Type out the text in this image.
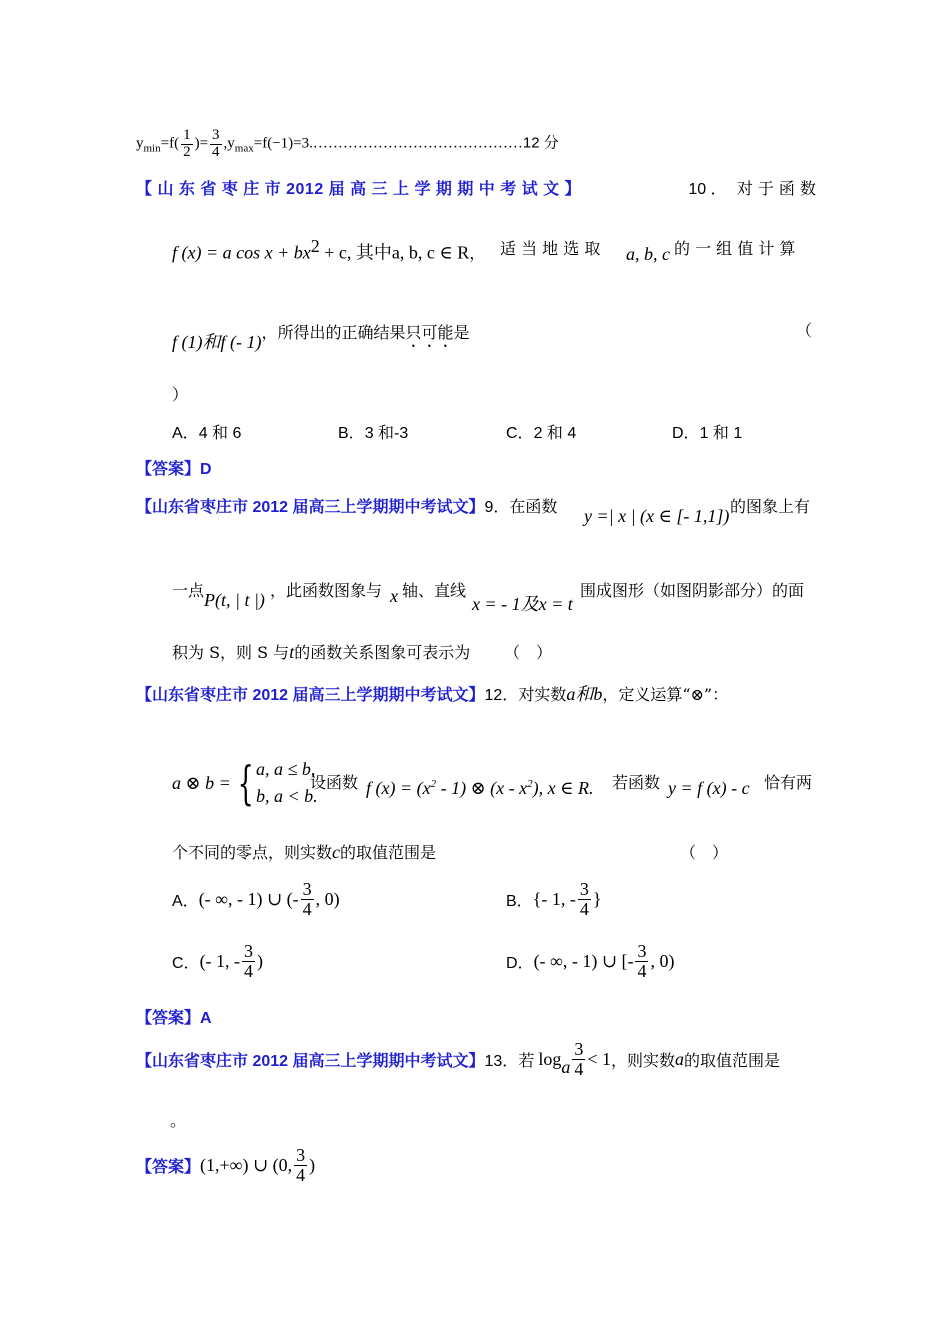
$y_{min}=f( \frac{1}{2}$ )= $\frac{3}{4}$ $,y_{max}=f(-1)=3.\dots\dots\dots\dots\dots\dots\dots\dots\dots\dots\dots\dots\dots\dots 12$ 分
【 山 东 省 枣 庄 市 2012 届 高 三 上 学 期 期 中 考 试 文 】	10 ． 对 于 函 数
f (x) = a $\cos x + bx^2 + c$, 其中a, b, c ∈ R， 适 当 地 选 取 a, b, c 的 一 组 值 计 算
f (1)和f (- 1)，所得出的正确结果只可能是	（
）
A．4 和 6	B．3 和-3	C．2 和 4	D．1 和 1
【答案】D
【山东省枣庄市 2012 届高三上学期期中考试文】9．在函数 y =| x | (x ∈ [- 1,1]) 的图象上有
一点 P(t, | t |) ，此函数图象与 x 轴、直线
x = - 1及x = t
围成图形（如图阴影部分）的面
积为 S，则 S 与t的函数关系图象可表示为 （　）
【山东省枣庄市 2012 届高三上学期期中考试文】12．对实数a和b，定义运算“⊗”：
a ⊗ b = { a, a ≤ b,
b, a < b.
设函数 f $(x) = (x^2 - 1)$ ⊗ $(x - x^2)$, x ∈ R. 若函数 y = f (x) - c 恰有两
个不同的零点，则实数c的取值范围是	（　）
A． (- ∞, - 1) ∪ (- $\frac{3}{4}$ , 0)	B． {- 1, - $\frac{3}{4}$ }
C． (- 1, - $\frac{3}{4}$ )	D． (- ∞, - 1) ∪ [- $\frac{3}{4}$ , 0)
【答案】A
【山东省枣庄市 2012 届高三上学期期中考试文】 13． 若 $\log_a \frac{3}{4} < 1$ ，则实数 a 的取值范围是
。
【答案】 (1,+∞) ∪ (0, $\frac{3}{4}$ )
